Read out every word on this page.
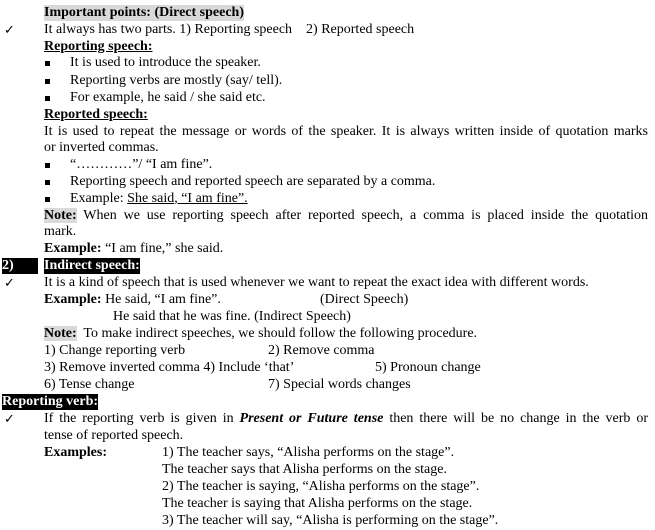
Important points: (Direct speech)
✓ It always has two parts. 1) Reporting speech    2) Reported speech
Reporting speech:
It is used to introduce the speaker.
Reporting verbs are mostly (say/ tell).
For example, he said / she said etc.
Reported speech:
It is used to repeat the message or words of the speaker. It is always written inside of quotation marks
or inverted commas.
“…………”/ “I am fine”.
Reporting speech and reported speech are separated by a comma.
Example: She said, “I am fine”.
Note: When we use reporting speech after reported speech, a comma is placed inside the quotation
mark.
Example: “I am fine,” she said.
2)	Indirect speech:
✓ It is a kind of speech that is used whenever we want to repeat the exact idea with different words.
Example: He said, “I am fine”.	(Direct Speech)
He said that he was fine. (Indirect Speech)
Note:  To make indirect speeches, we should follow the following procedure.
1) Change reporting verb	2) Remove comma
3) Remove inverted comma 4) Include ‘that’	5) Pronoun change
6) Tense change	7) Special words changes
Reporting verb:
✓ If the reporting verb is given in Present or Future tense then there will be no change in the verb or
tense of reported speech.
Examples:	1) The teacher says, “Alisha performs on the stage”.
The teacher says that Alisha performs on the stage.
2) The teacher is saying, “Alisha performs on the stage”.
The teacher is saying that Alisha performs on the stage.
3) The teacher will say, “Alisha is performing on the stage”.
